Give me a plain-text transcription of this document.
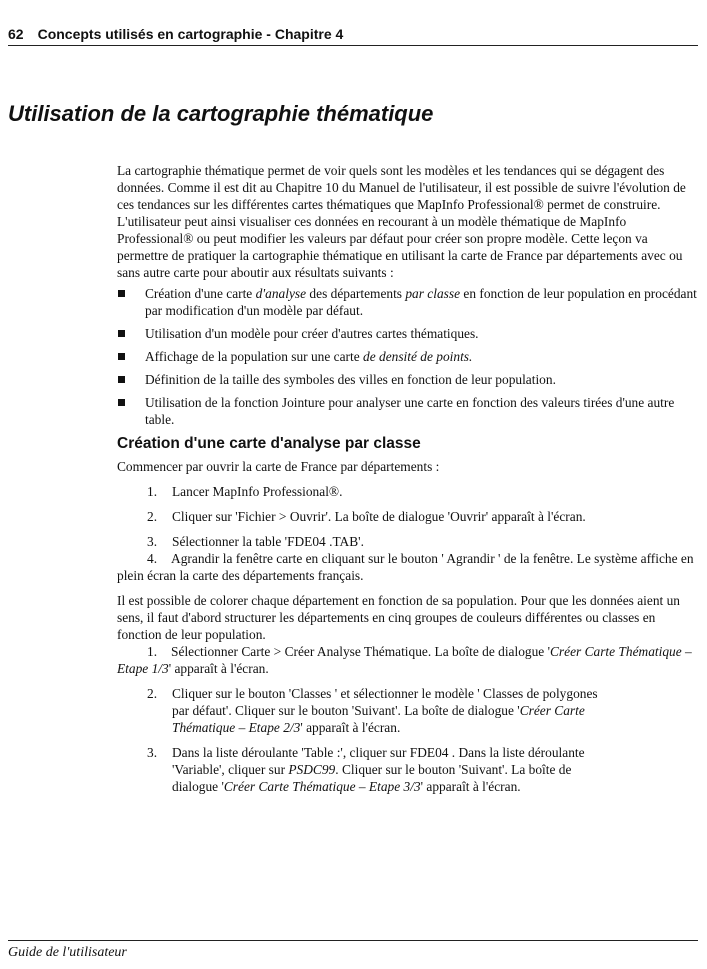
62 Concepts utilisés en cartographie - Chapitre 4
Utilisation de la cartographie thématique

La cartographie thématique permet de voir quels sont les modèles et les tendances qui se dégagent des données. Comme il est dit au Chapitre 10 du Manuel de l'utilisateur, il est possible de suivre l'évolution de ces tendances sur les différentes cartes thématiques que MapInfo Professional® permet de construire. L'utilisateur peut ainsi visualiser ces données en recourant à un modèle thématique de MapInfo Professional® ou peut modifier les valeurs par défaut pour créer son propre modèle. Cette leçon va permettre de pratiquer la cartographie thématique en utilisant la carte de France par départements avec ou sans autre carte pour aboutir aux résultats suivants :

Création d'une carte d'analyse des départements par classe en fonction de leur population en procédant par modification d'un modèle par défaut.
Utilisation d'un modèle pour créer d'autres cartes thématiques.
Affichage de la population sur une carte de densité de points.
Définition de la taille des symboles des villes en fonction de leur population.
Utilisation de la fonction Jointure pour analyser une carte en fonction des valeurs tirées d'une autre table.
Création d'une carte d'analyse par classe

Commencer par ouvrir la carte de France par départements :

1. Lancer MapInfo Professional®.
2. Cliquer sur 'Fichier > Ouvrir'. La boîte de dialogue 'Ouvrir' apparaît à l'écran.
3. Sélectionner la table 'FDE04 .TAB'.

4. Agrandir la fenêtre carte en cliquant sur le bouton ' Agrandir ' de la fenêtre. Le système affiche en plein écran la carte des départements français.

Il est possible de colorer chaque département en fonction de sa population. Pour que les données aient un sens, il faut d'abord structurer les départements en cinq groupes de couleurs différentes ou classes en fonction de leur population.

1. Sélectionner Carte > Créer Analyse Thématique. La boîte de dialogue 'Créer Carte Thématique – Etape 1/3' apparaît à l'écran.

2. Cliquer sur le bouton 'Classes ' et sélectionner le modèle ' Classes de polygones par défaut'. Cliquer sur le bouton 'Suivant'. La boîte de dialogue 'Créer Carte Thématique – Etape 2/3' apparaît à l'écran.
3. Dans la liste déroulante 'Table :', cliquer sur FDE04 . Dans la liste déroulante 'Variable', cliquer sur PSDC99. Cliquer sur le bouton 'Suivant'. La boîte de dialogue 'Créer Carte Thématique – Etape 3/3' apparaît à l'écran.
Guide de l'utilisateur
